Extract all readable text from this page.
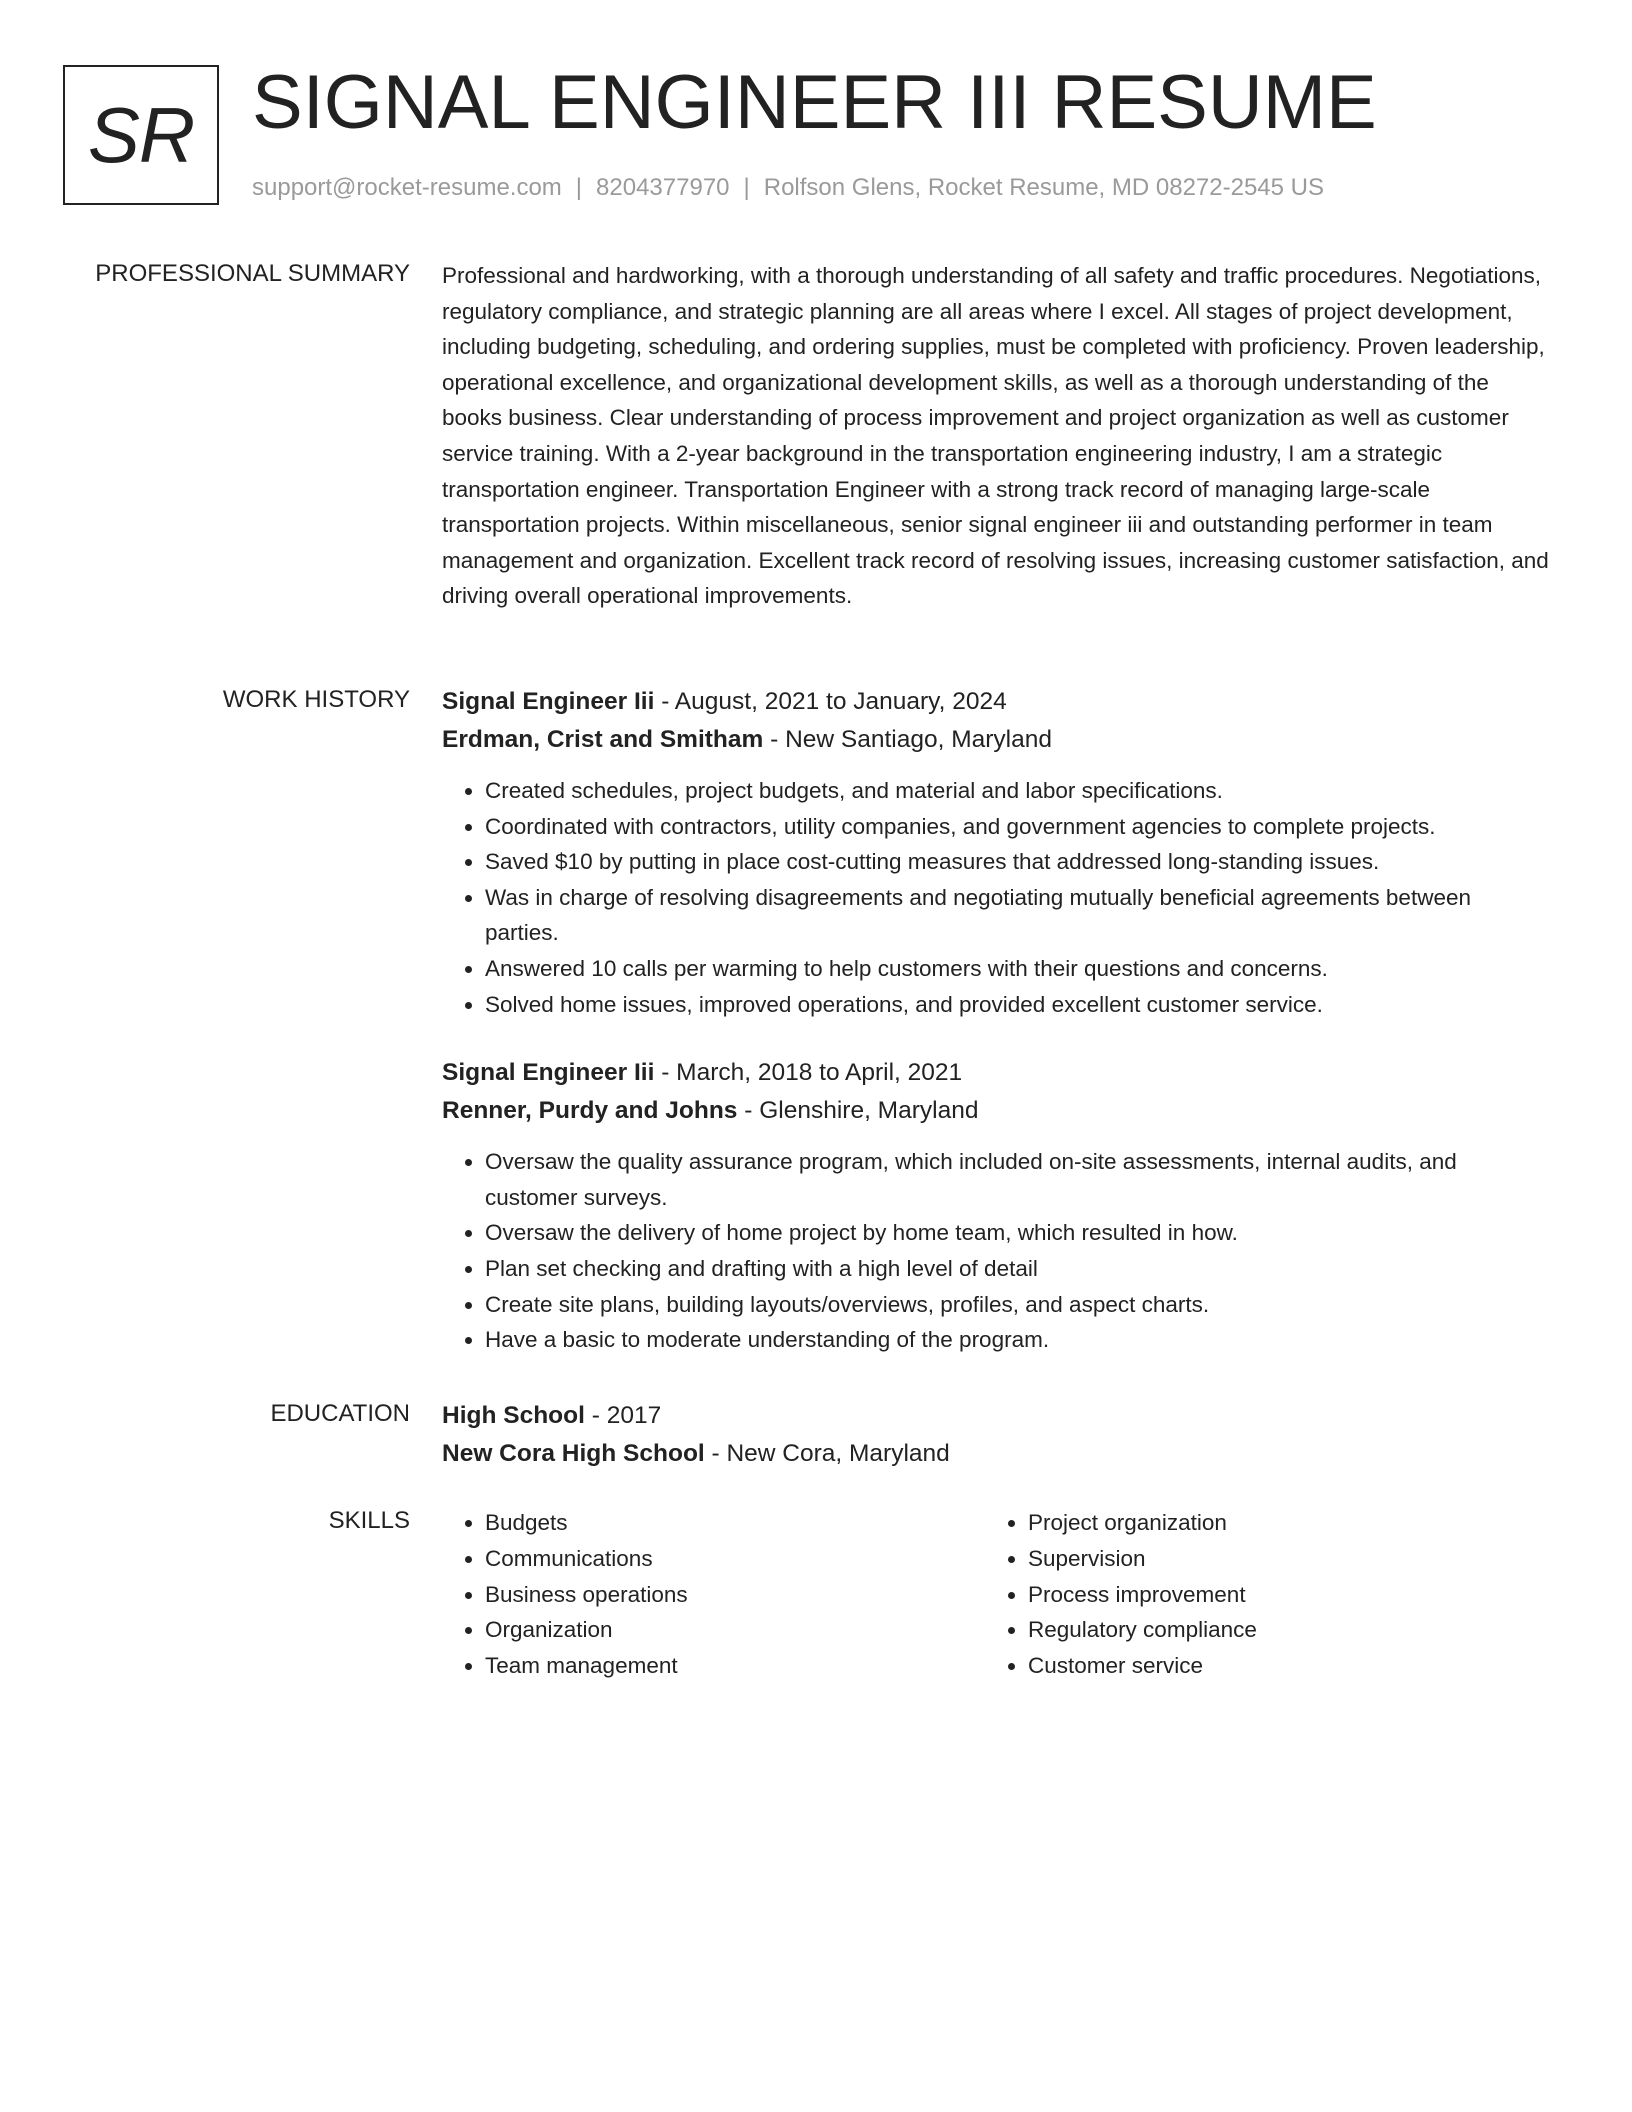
SR SIGNAL ENGINEER III RESUME
support@rocket-resume.com | 8204377970 | Rolfson Glens, Rocket Resume, MD 08272-2545 US
PROFESSIONAL SUMMARY Professional and hardworking, with a thorough understanding of all safety and traffic procedures. Negotiations, regulatory compliance, and strategic planning are all areas where I excel. All stages of project development, including budgeting, scheduling, and ordering supplies, must be completed with proficiency. Proven leadership, operational excellence, and organizational development skills, as well as a thorough understanding of the books business. Clear understanding of process improvement and project organization as well as customer service training. With a 2-year background in the transportation engineering industry, I am a strategic transportation engineer. Transportation Engineer with a strong track record of managing large-scale transportation projects. Within miscellaneous, senior signal engineer iii and outstanding performer in team management and organization. Excellent track record of resolving issues, increasing customer satisfaction, and driving overall operational improvements.

WORK HISTORY Signal Engineer Iii - August, 2021 to January, 2024

Erdman, Crist and Smitham - New Santiago, Maryland

• Created schedules, project budgets, and material and labor specifications.
• Coordinated with contractors, utility companies, and government agencies to complete projects.
• Saved $10 by putting in place cost-cutting measures that addressed long-standing issues.
• Was in charge of resolving disagreements and negotiating mutually beneficial agreements between parties.
• Answered 10 calls per warming to help customers with their questions and concerns.
• Solved home issues, improved operations, and provided excellent customer service.

Signal Engineer Iii - March, 2018 to April, 2021

Renner, Purdy and Johns - Glenshire, Maryland

• Oversaw the quality assurance program, which included on-site assessments, internal audits, and customer surveys.
• Oversaw the delivery of home project by home team, which resulted in how.
• Plan set checking and drafting with a high level of detail
• Create site plans, building layouts/overviews, profiles, and aspect charts.
• Have a basic to moderate understanding of the program.
EDUCATION High School - 2017

New Cora High School - New Cora, Maryland

SKILLS
•	Budgets
• Communications
• Business operations
• Organization
• Team management
• Project organization
• Supervision
• Process improvement
• Regulatory compliance
• Customer service
